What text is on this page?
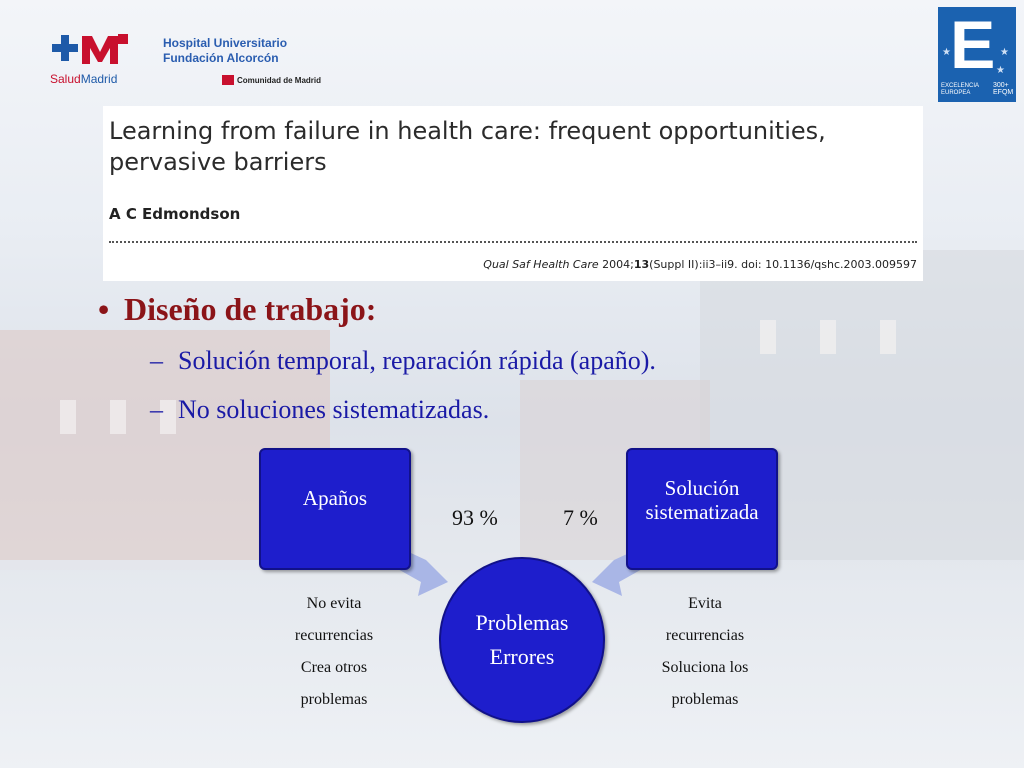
SaludMadrid
Hospital Universitario
Fundación Alcorcón
Comunidad de Madrid
★	★
★
E
EXCELENCIA
EUROPEA
300+
EFQM
Learning from failure in health care: frequent opportunities, pervasive barriers
A C Edmondson
Qual Saf Health Care 2004;13(Suppl II):ii3–ii9. doi: 10.1136/qshc.2003.009597
• Diseño de trabajo:
– Solución temporal, reparación rápida (apaño).
– No soluciones sistematizadas.
Apaños	Solución sistematizada
Problemas
Errores
93 %	7 %
No evita
recurrencias
Crea otros
problemas
Evita
recurrencias
Soluciona los
problemas
